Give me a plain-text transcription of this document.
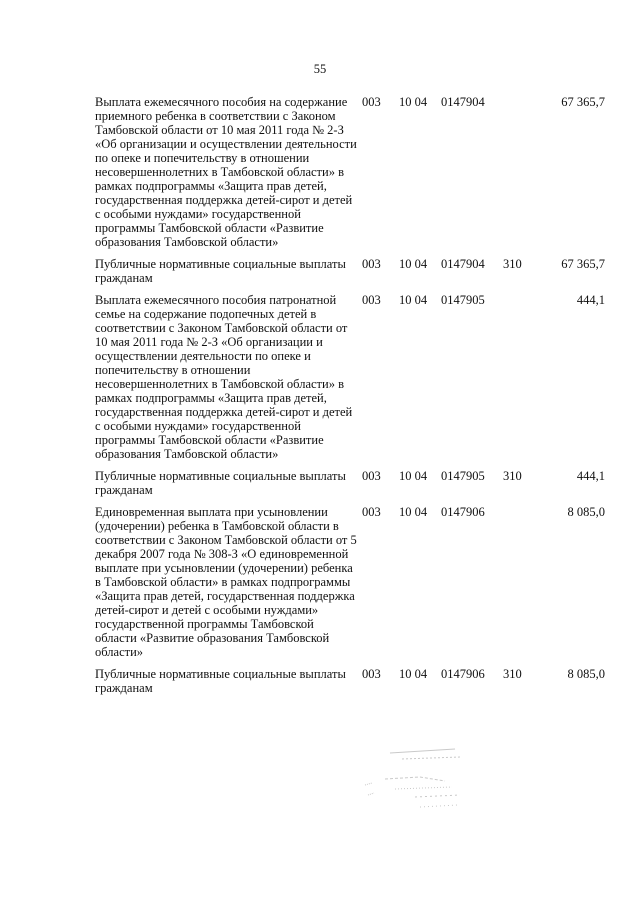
55
Выплата ежемесячного пособия на содержание приемного ребенка в соответствии с Законом Тамбовской области от 10 мая 2011 года № 2-З «Об организации и осуществлении деятельности по опеке и попечительству в отношении несовершеннолетних в Тамбовской области» в рамках подпрограммы «Защита прав детей, государственная поддержка детей-сирот и детей с особыми нуждами» государственной программы Тамбовской области «Развитие образования Тамбовской области»	003	10 04	0147904		67 365,7
Публичные нормативные социальные выплаты гражданам	003	10 04	0147904	310	67 365,7
Выплата ежемесячного пособия патронатной семье на содержание подопечных детей в соответствии с Законом Тамбовской области от 10 мая 2011 года № 2-З «Об организации и осуществлении деятельности по опеке и попечительству в отношении несовершеннолетних в Тамбовской области» в рамках подпрограммы «Защита прав детей, государственная поддержка детей-сирот и детей с особыми нуждами» государственной программы Тамбовской области «Развитие образования Тамбовской области»	003	10 04	0147905		444,1
Публичные нормативные социальные выплаты гражданам	003	10 04	0147905	310	444,1
Единовременная выплата при усыновлении (удочерении) ребенка в Тамбовской области в соответствии с Законом Тамбовской области от 5 декабря 2007 года № 308-З «О единовременной выплате при усыновлении (удочерении) ребенка в Тамбовской области» в рамках подпрограммы «Защита прав детей, государственная поддержка детей-сирот и детей с особыми нуждами» государственной программы Тамбовской области «Развитие образования Тамбовской области»	003	10 04	0147906		8 085,0
Публичные нормативные социальные выплаты гражданам	003	10 04	0147906	310	8 085,0
